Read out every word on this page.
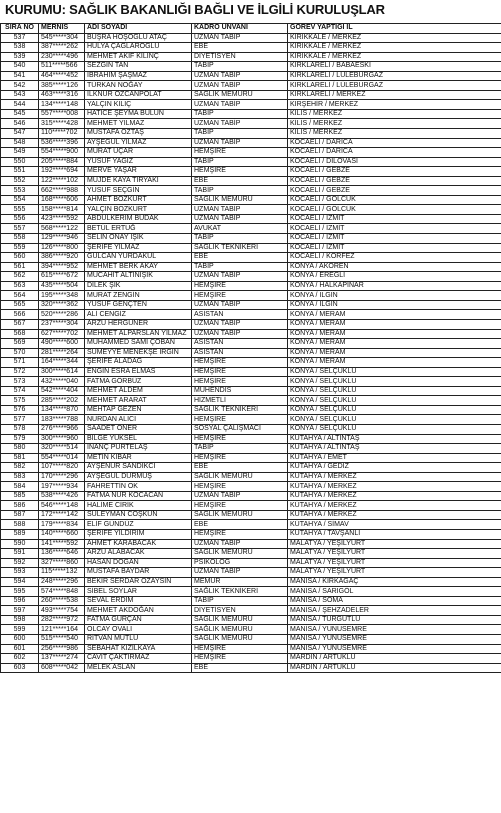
KURUMU: SAĞLIK BAKANLIĞI BAĞLI VE İLGİLİ KURULUŞLAR
SIRA NO	MERNİS	ADI SOYADI	KADRO UNVANI	GÖREV YAPTIĞI İL
537	545*****304	BÜŞRA HOŞOĞLU ATAÇ	UZMAN TABİP	KIRIKKALE / MERKEZ
538	387*****262	HÜLYA ÇAĞLAROĞLU	EBE	KIRIKKALE / MERKEZ
539	230*****496	MEHMET AKİF KILINÇ	DİYETİSYEN	KIRIKKALE / MERKEZ
540	511*****566	SEZGİN TAN	TABİP	KIRKLARELİ / BABAESKİ
541	464*****452	İBRAHİM ŞAŞMAZ	UZMAN TABİP	KIRKLARELİ / LÜLEBURGAZ
542	385*****126	TÜRKAN NOĞAY	UZMAN TABİP	KIRKLARELİ / LÜLEBURGAZ
543	463*****316	İLKNUR ÖZCANPOLAT	SAĞLIK MEMURU	KIRKLARELİ / MERKEZ
544	134*****148	YALÇIN KILIÇ	UZMAN TABİP	KIRŞEHİR / MERKEZ
545	557*****008	HATİCE ŞEYMA BULUN	TABİP	KİLİS / MERKEZ
546	315*****428	MEHMET YILMAZ	UZMAN TABİP	KİLİS / MERKEZ
547	110*****702	MUSTAFA ÖZTAŞ	TABİP	KİLİS / MERKEZ
548	536*****396	AYŞEGÜL YILMAZ	UZMAN TABİP	KOCAELİ / DARICA
549	554*****900	MURAT UÇAR	HEMŞİRE	KOCAELİ / DARICA
550	205*****884	YUSUF YAĞIZ	TABİP	KOCAELİ / DİLOVASI
551	192*****694	MERVE YAŞAR	HEMŞİRE	KOCAELİ / GEBZE
552	122*****102	MÜJDE KAYA TİRYAKİ	EBE	KOCAELİ / GEBZE
553	662*****988	YUSUF SEÇGİN	TABİP	KOCAELİ / GEBZE
554	168*****606	AHMET BOZKURT	SAĞLIK MEMURU	KOCAELİ / GÖLCÜK
555	158*****814	YALÇIN BOZKURT	UZMAN TABİP	KOCAELİ / GÖLCÜK
556	423*****592	ABDULKERİM BUDAK	UZMAN TABİP	KOCAELİ / İZMİT
557	568*****122	BETÜL ERTUĞ	AVUKAT	KOCAELİ / İZMİT
558	129*****946	SELİN ONAY IŞIK	TABİP	KOCAELİ / İZMİT
559	126*****800	ŞERİFE YILMAZ	SAĞLIK TEKNİKERİ	KOCAELİ / İZMİT
560	386*****920	GÜLCAN YURDAKUL	EBE	KOCAELİ / KÖRFEZ
561	394*****952	MEHMET BERK AKAY	TABİP	KONYA / AKÖREN
562	615*****672	MUCAHİT ALTINIŞIK	UZMAN TABİP	KONYA / EREĞLİ
563	435*****504	DİLEK ŞİK	HEMŞİRE	KONYA / HALKAPINAR
564	195*****348	MURAT ZENGİN	HEMŞİRE	KONYA / ILGIN
565	320*****362	YUSUF GENÇTEN	UZMAN TABİP	KONYA / ILGIN
566	520*****286	ALİ CENGİZ	ASİSTAN	KONYA / MERAM
567	237*****304	ARZU HERGÜNER	UZMAN TABİP	KONYA / MERAM
568	627*****702	MEHMET ALPARSLAN YILMAZ	UZMAN TABİP	KONYA / MERAM
569	490*****600	MUHAMMED SAMİ ÇOBAN	ASİSTAN	KONYA / MERAM
570	281*****264	SÜMEYYE MENEKŞE İRGİN	ASİSTAN	KONYA / MERAM
571	164*****344	ŞERİFE ALADAĞ	HEMŞİRE	KONYA / MERAM
572	300*****614	ENGİN ESRA ELMAS	HEMŞİRE	KONYA / SELÇUKLU
573	432*****040	FATMA GÖRBÜZ	HEMŞİRE	KONYA / SELÇUKLU
574	542*****404	MEHMET ALDEM	MÜHENDİS	KONYA / SELÇUKLU
575	285*****202	MEHMET ARARAT	HİZMETLİ	KONYA / SELÇUKLU
576	134*****870	MEHTAP GEZEN	SAĞLIK TEKNİKERİ	KONYA / SELÇUKLU
577	183*****788	NURDAN ALICI	HEMŞİRE	KONYA / SELÇUKLU
578	276*****966	SAADET ÖNER	SOSYAL ÇALIŞMACI	KONYA / SELÇUKLU
579	300*****960	BİLGE YÜKSEL	HEMŞİRE	KÜTAHYA / ALTINTAŞ
580	320*****514	İNANÇ PÜRTELAŞ	TABİP	KÜTAHYA / ALTINTAŞ
581	554*****014	METİN KİBAR	HEMŞİRE	KÜTAHYA / EMET
582	107*****820	AYŞENUR SANDIKCI	EBE	KÜTAHYA / GEDİZ
583	170*****296	AYŞEGÜL DURMUŞ	SAĞLIK MEMURU	KÜTAHYA / MERKEZ
584	197*****934	FAHRETTİN OK	HEMŞİRE	KÜTAHYA / MERKEZ
585	538*****426	FATMA NUR KOCACAN	UZMAN TABİP	KÜTAHYA / MERKEZ
586	546*****148	HALİME CİRİK	HEMŞİRE	KÜTAHYA / MERKEZ
587	172*****142	SÜLEYMAN COŞKUN	SAĞLIK MEMURU	KÜTAHYA / MERKEZ
588	179*****834	ELİF GÜNDÜZ	EBE	KÜTAHYA / SİMAV
589	140*****660	ŞERİFE YILDIRIM	HEMŞİRE	KÜTAHYA / TAVŞANLI
590	141*****592	AHMET KARABACAK	UZMAN TABİP	MALATYA / YEŞİLYURT
591	136*****646	ARZU ALABACAK	SAĞLIK MEMURU	MALATYA / YEŞİLYURT
592	327*****860	HASAN DOĞAN	PSİKOLOG	MALATYA / YEŞİLYURT
593	115*****132	MUSTAFA BAYDAR	UZMAN TABİP	MALATYA / YEŞİLYURT
594	248*****296	BEKİR SERDAR ÖZAYSIN	MEMUR	MANİSA / KIRKAĞAÇ
595	574*****848	SİBEL SOYLAR	SAĞLIK TEKNİKERİ	MANİSA / SARIGÖL
596	260*****538	SEVAL ERDİM	TABİP	MANİSA / SOMA
597	493*****754	MEHMET AKDOĞAN	DİYETİSYEN	MANİSA / ŞEHZADELER
598	282*****972	FATMA GÜRÇAN	SAĞLIK MEMURU	MANİSA / TURGUTLU
599	121*****164	OLCAY OVALI	SAĞLIK MEMURU	MANİSA / YUNUSEMRE
600	515*****540	RITVAN MUTLU	SAĞLIK MEMURU	MANİSA / YUNUSEMRE
601	256*****986	SEBAHAT KIZILKAYA	HEMŞİRE	MANİSA / YUNUSEMRE
602	137*****274	CAVİT ÇAKTIRMAZ	HEMŞİRE	MARDİN / ARTUKLU
603	608*****042	MELEK ASLAN	EBE	MARDİN / ARTUKLU
